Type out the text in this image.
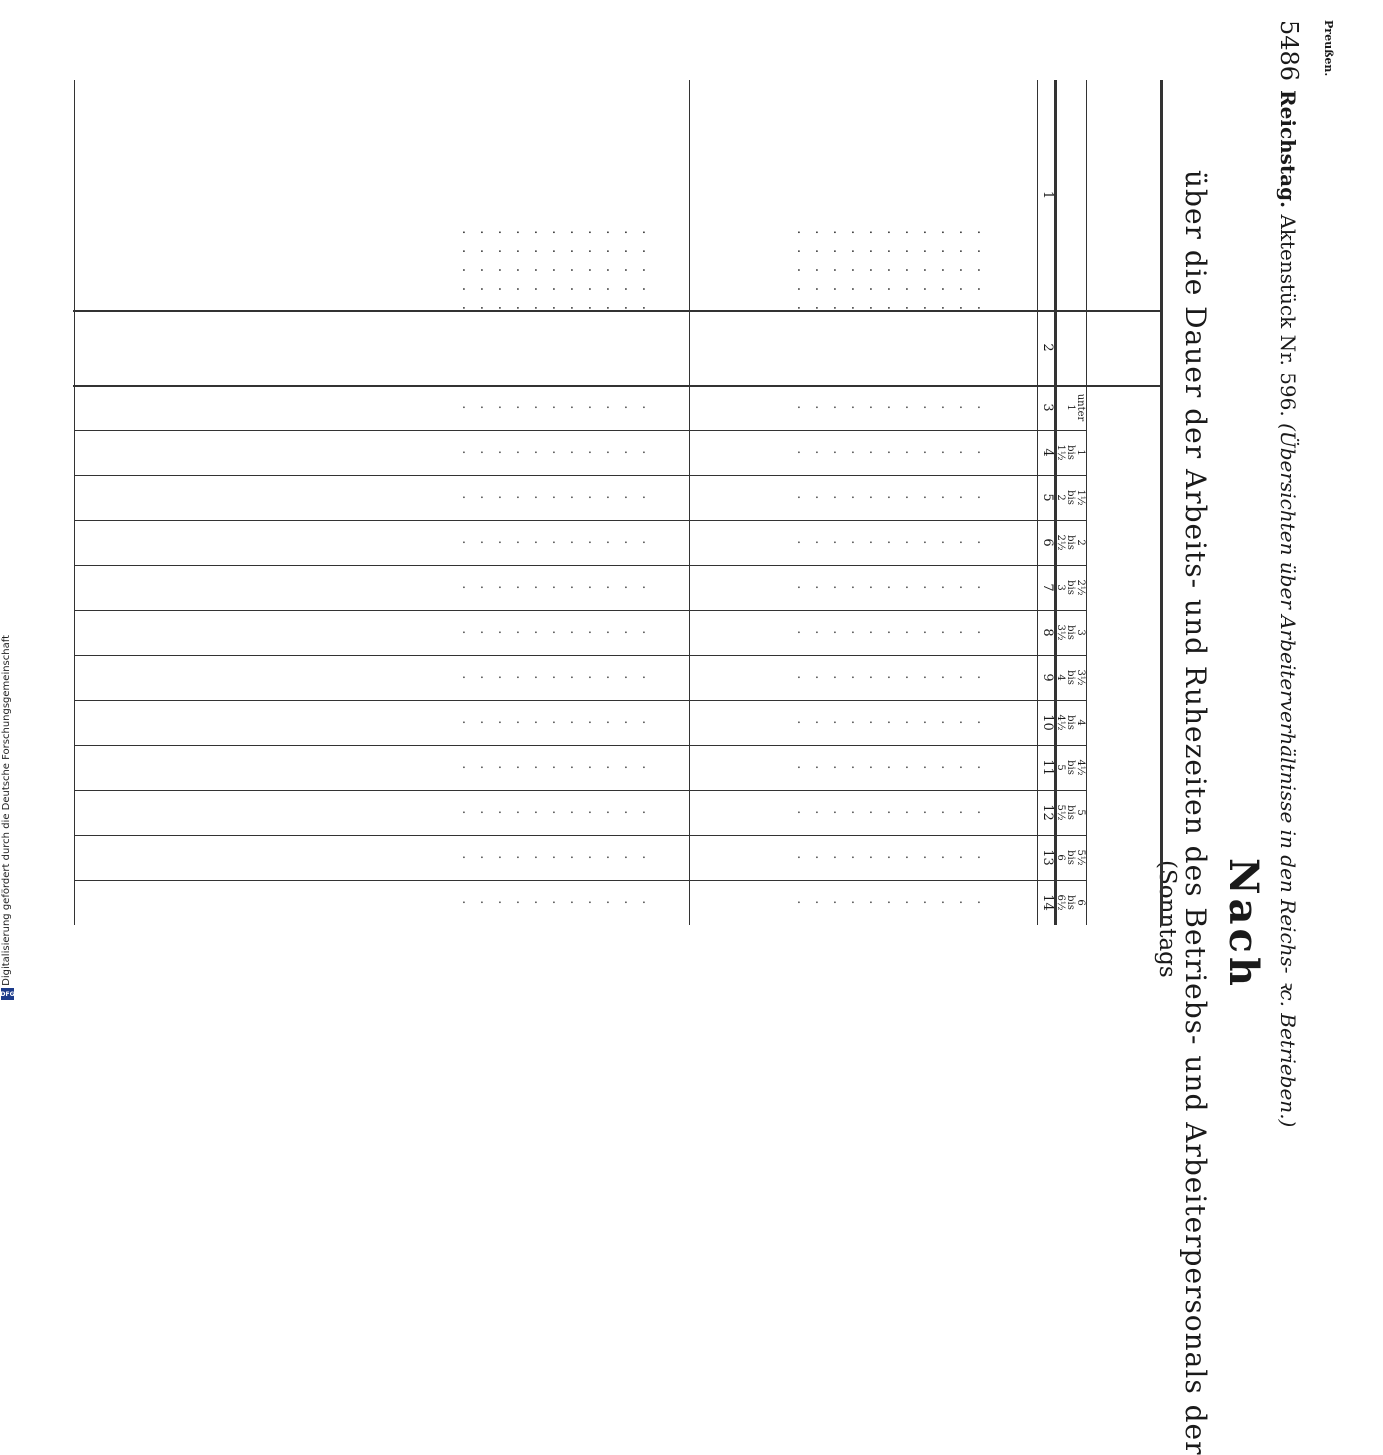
Digitalisierung gefördert durch die Deutsche Forschungsgemeinschaft
DFG
Preußen.
5486
Reichstag. Aktenstück Nr. 596. (Übersichten über Arbeiterverhältnisse in den Reichs- ꝛc. Betrieben.)
Nach
über die Dauer der Arbeits- und Ruhezeiten des Betriebs- und Arbeiterpersonals der
(Sonntags
unter
1
1
bis
1½
1½
bis
2
2
bis
2½
2½
bis
3
3
bis
3½
3½
bis
4
4
bis
4½
4½
bis
5
5
bis
5½
5½
bis
6
6
bis
6½
1
2
3
4
5
6
7
8
9
10
11
12
13
14
. . . . .
.
.
.
.
.
.
.
.
.
.
.
.
. . . . .
.
.
.
.
.
.
.
.
.
.
.
.
. . . . .
.
.
.
.
.
.
.
.
.
.
.
.
. . . . .
.
.
.
.
.
.
.
.
.
.
.
.
. . . . .
.
.
.
.
.
.
.
.
.
.
.
.
. . . . .
.
.
.
.
.
.
.
.
.
.
.
.
. . . . .
.
.
.
.
.
.
.
.
.
.
.
.
. . . . .
.
.
.
.
.
.
.
.
.
.
.
.
. . . . .
.
.
.
.
.
.
.
.
.
.
.
.
. . . . .
.
.
.
.
.
.
.
.
.
.
.
.
. . . . .
.
.
.
.
.
.
.
.
.
.
.
.
. . . . .
.
.
.
.
.
.
.
.
.
.
.
.
. . . . .
.
.
.
.
.
.
.
.
.
.
.
.
. . . . .
.
.
.
.
.
.
.
.
.
.
.
.
. . . . .
.
.
.
.
.
.
.
.
.
.
.
.
. . . . .
.
.
.
.
.
.
.
.
.
.
.
.
. . . . .
.
.
.
.
.
.
.
.
.
.
.
.
. . . . .
.
.
.
.
.
.
.
.
.
.
.
.
. . . . .
.
.
.
.
.
.
.
.
.
.
.
.
. . . . .
.
.
.
.
.
.
.
.
.
.
.
.
. . . . .
.
.
.
.
.
.
.
.
.
.
.
.
. . . . .
.
.
.
.
.
.
.
.
.
.
.
.
